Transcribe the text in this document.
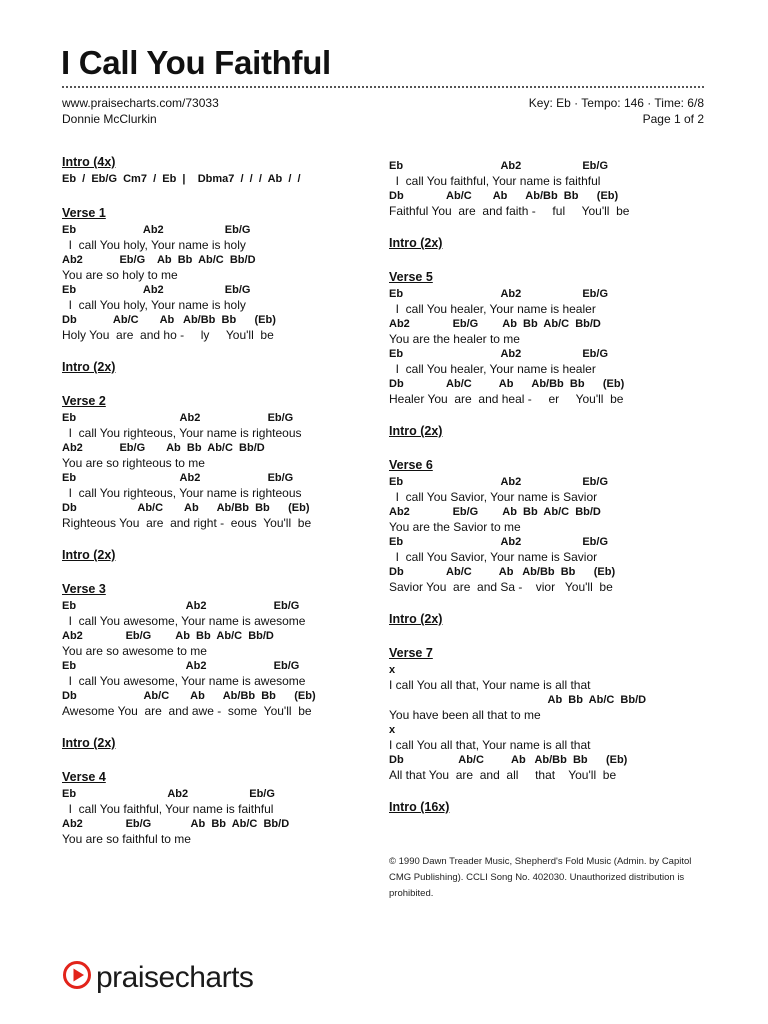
I Call You Faithful
www.praisecharts.com/73033
Donnie McClurkin
Key: Eb · Tempo: 146 · Time: 6/8
Page 1 of 2
Intro (4x)
Eb  /  Eb/G  Cm7  /  Eb  |    Dbma7  /  /  /  Ab  /  /
Verse 1
Eb                      Ab2                    Eb/G
I  call You holy, Your name is holy
Ab2            Eb/G    Ab  Bb  Ab/C  Bb/D
You are so holy to me
Eb                      Ab2                    Eb/G
I  call You holy, Your name is holy
Db            Ab/C       Ab   Ab/Bb  Bb      (Eb)
Holy You  are  and ho -     ly     You'll  be
Intro (2x)
Verse 2
Eb                                  Ab2                      Eb/G
I  call You righteous, Your name is righteous
Ab2            Eb/G       Ab  Bb  Ab/C  Bb/D
You are so righteous to me
Eb                                  Ab2                      Eb/G
I  call You righteous, Your name is righteous
Db                    Ab/C       Ab      Ab/Bb  Bb      (Eb)
Righteous You  are  and right -  eous  You'll  be
Intro (2x)
Verse 3
Eb                                    Ab2                      Eb/G
I  call You awesome, Your name is awesome
Ab2              Eb/G        Ab  Bb  Ab/C  Bb/D
You are so awesome to me
Eb                                    Ab2                      Eb/G
I  call You awesome, Your name is awesome
Db                      Ab/C       Ab      Ab/Bb  Bb      (Eb)
Awesome You  are  and awe -  some  You'll  be
Intro (2x)
Verse 4
Eb                              Ab2                    Eb/G
I  call You faithful, Your name is faithful
Ab2              Eb/G             Ab  Bb  Ab/C  Bb/D
You are so faithful to me
Eb                                Ab2                    Eb/G
I  call You faithful, Your name is faithful
Db              Ab/C       Ab      Ab/Bb  Bb      (Eb)
Faithful You  are  and faith -     ful     You'll  be
Intro (2x)
Verse 5
Eb                                Ab2                    Eb/G
I  call You healer, Your name is healer
Ab2              Eb/G        Ab  Bb  Ab/C  Bb/D
You are the healer to me
Eb                                Ab2                    Eb/G
I  call You healer, Your name is healer
Db              Ab/C         Ab      Ab/Bb  Bb      (Eb)
Healer You  are  and heal -     er     You'll  be
Intro (2x)
Verse 6
Eb                                Ab2                    Eb/G
I  call You Savior, Your name is Savior
Ab2              Eb/G        Ab  Bb  Ab/C  Bb/D
You are the Savior to me
Eb                                Ab2                    Eb/G
I  call You Savior, Your name is Savior
Db              Ab/C         Ab   Ab/Bb  Bb      (Eb)
Savior You  are  and Sa -    vior   You'll  be
Intro (2x)
Verse 7
x
I call You all that, Your name is all that
Ab  Bb  Ab/C  Bb/D
You have been all that to me
x
I call You all that, Your name is all that
Db                  Ab/C         Ab   Ab/Bb  Bb      (Eb)
All that You  are  and  all     that    You'll  be
Intro (16x)
© 1990 Dawn Treader Music, Shepherd's Fold Music (Admin. by Capitol CMG Publishing). CCLI Song No. 402030. Unauthorized distribution is prohibited.
praisecharts
